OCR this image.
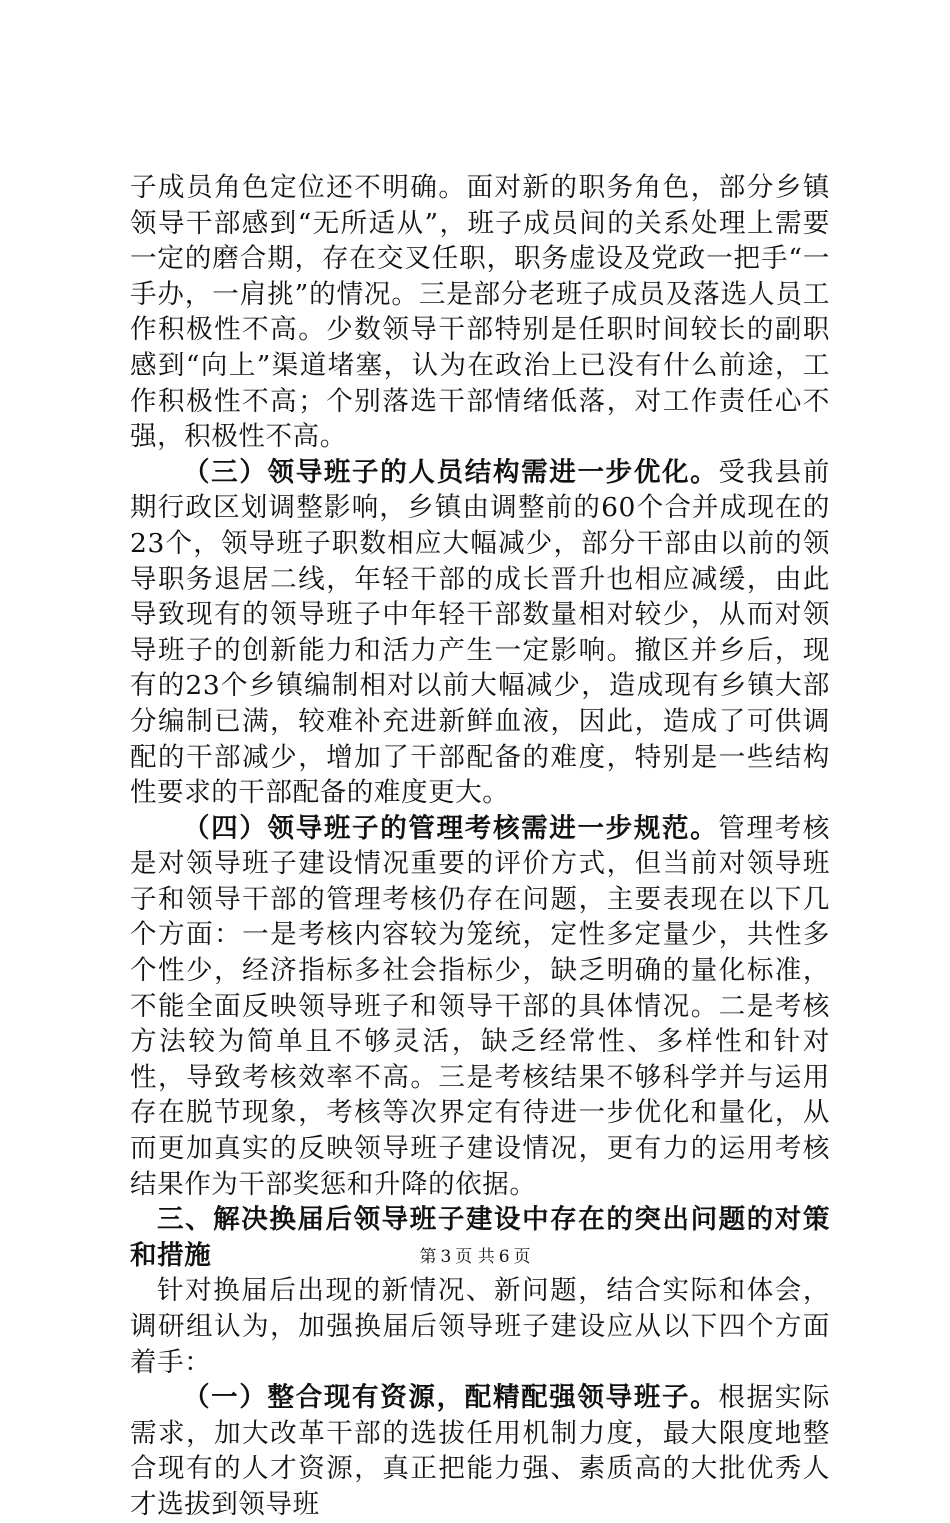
子成员角色定位还不明确。面对新的职务角色，部分乡镇领导干部感到“无所适从”，班子成员间的关系处理上需要一定的磨合期，存在交叉任职，职务虚设及党政一把手“一手办，一肩挑”的情况。三是部分老班子成员及落选人员工作积极性不高。少数领导干部特别是任职时间较长的副职感到“向上”渠道堵塞，认为在政治上已没有什么前途，工作积极性不高；个别落选干部情绪低落，对工作责任心不强，积极性不高。

（三）领导班子的人员结构需进一步优化。受我县前期行政区划调整影响，乡镇由调整前的60个合并成现在的23个，领导班子职数相应大幅减少，部分干部由以前的领导职务退居二线，年轻干部的成长晋升也相应减缓，由此导致现有的领导班子中年轻干部数量相对较少，从而对领导班子的创新能力和活力产生一定影响。撤区并乡后，现有的23个乡镇编制相对以前大幅减少，造成现有乡镇大部分编制已满，较难补充进新鲜血液，因此，造成了可供调配的干部减少，增加了干部配备的难度，特别是一些结构性要求的干部配备的难度更大。

（四）领导班子的管理考核需进一步规范。管理考核是对领导班子建设情况重要的评价方式，但当前对领导班子和领导干部的管理考核仍存在问题，主要表现在以下几个方面：一是考核内容较为笼统，定性多定量少，共性多个性少，经济指标多社会指标少，缺乏明确的量化标准，不能全面反映领导班子和领导干部的具体情况。二是考核方法较为简单且不够灵活，缺乏经常性、多样性和针对性，导致考核效率不高。三是考核结果不够科学并与运用存在脱节现象，考核等次界定有待进一步优化和量化，从而更加真实的反映领导班子建设情况，更有力的运用考核结果作为干部奖惩和升降的依据。

三、解决换届后领导班子建设中存在的突出问题的对策和措施

针对换届后出现的新情况、新问题，结合实际和体会，调研组认为，加强换届后领导班子建设应从以下四个方面着手：

（一）整合现有资源，配精配强领导班子。根据实际需求，加大改革干部的选拔任用机制力度，最大限度地整合现有的人才资源，真正把能力强、素质高的大批优秀人才选拔到领导班

第 3 页 共 6 页
